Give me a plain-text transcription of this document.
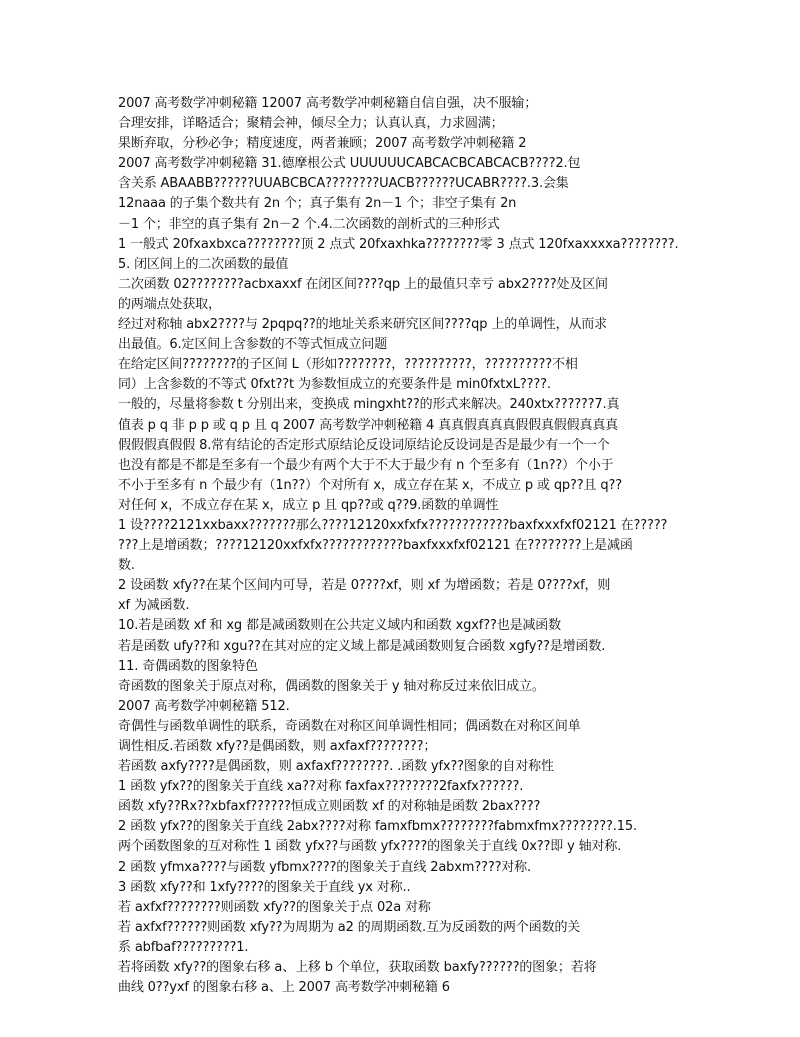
2007 高考数学冲刺秘籍 12007 高考数学冲刺秘籍自信自强，决不服输；
合理安排，详略适合；聚精会神，倾尽全力；认真认真，力求圆满；
果断弃取，分秒必争；精度速度，两者兼顾；2007 高考数学冲刺秘籍 2
2007 高考数学冲刺秘籍 31.德摩根公式 UUUUUUCABCACBCABCACB????2.包
含关系 ABAABB??????UUABCBCA????????UACB??????UCABR????.3.会集
12naaa 的子集个数共有 2n 个；真子集有 2n－1 个；非空子集有 2n
－1 个；非空的真子集有 2n－2 个.4.二次函数的剖析式的三种形式
1 一般式 20fxaxbxca????????顶 2 点式 20fxaxhka????????零 3 点式 120fxaxxxxa????????.
5. 闭区间上的二次函数的最值
二次函数 02????????acbxaxxf 在闭区间????qp 上的最值只幸亏 abx2????处及区间
的两端点处获取，
经过对称轴 abx2????与 2pqpq??的地址关系来研究区间????qp 上的单调性，从而求
出最值。6.定区间上含参数的不等式恒成立问题
在给定区间????????的子区间 L（形如????????，??????????，??????????不相
同）上含参数的不等式 0fxt??t 为参数恒成立的充要条件是 min0fxtxL????.
一般的，尽量将参数 t 分别出来，变换成 mingxht??的形式来解决。240xtx??????7.真
值表 p q 非 p p 或 q p 且 q 2007 高考数学冲刺秘籍 4 真真假真真真假假真假假真真真
假假假真假假 8.常有结论的否定形式原结论反设词原结论反设词是否是最少有一个一个
也没有都是不都是至多有一个最少有两个大于不大于最少有 n 个至多有（1n??）个小于
不小于至多有 n 个最少有（1n??）个对所有 x，成立存在某 x，不成立 p 或 qp??且 q??
对任何 x，不成立存在某 x，成立 p 且 qp??或 q??9.函数的单调性
1 设????2121xxbaxx???????那么????12120xxfxfx????????????baxfxxxfxf02121 在?????
???上是增函数；????12120xxfxfx????????????baxfxxxfxf02121 在????????上是减函
数.
2 设函数 xfy??在某个区间内可导，若是 0????xf，则 xf 为增函数；若是 0????xf，则
xf 为减函数.
10.若是函数 xf 和 xg 都是减函数则在公共定义域内和函数 xgxf??也是减函数
若是函数 ufy??和 xgu??在其对应的定义域上都是减函数则复合函数 xgfy??是增函数.
11. 奇偶函数的图象特色
奇函数的图象关于原点对称，偶函数的图象关于 y 轴对称反过来依旧成立。
2007 高考数学冲刺秘籍 512.
奇偶性与函数单调性的联系，奇函数在对称区间单调性相同；偶函数在对称区间单
调性相反.若函数 xfy??是偶函数，则 axfaxf????????；
若函数 axfy????是偶函数，则 axfaxf????????. .函数 yfx??图象的自对称性
1 函数 yfx??的图象关于直线 xa??对称 faxfax????????2faxfx??????.
函数 xfy??Rx??xbfaxf??????恒成立则函数 xf 的对称轴是函数 2bax????
2 函数 yfx??的图象关于直线 2abx????对称 famxfbmx????????fabmxfmx????????.15.
两个函数图象的互对称性 1 函数 yfx??与函数 yfx????的图象关于直线 0x??即 y 轴对称.
2 函数 yfmxa????与函数 yfbmx????的图象关于直线 2abxm????对称.
3 函数 xfy??和 1xfy????的图象关于直线 yx 对称..
若 axfxf????????则函数 xfy??的图象关于点 02a 对称
若 axfxf??????则函数 xfy??为周期为 a2 的周期函数.互为反函数的两个函数的关
系 abfbaf?????????1.
若将函数 xfy??的图象右移 a、上移 b 个单位，获取函数 baxfy??????的图象；若将
曲线 0??yxf 的图象右移 a、上 2007 高考数学冲刺秘籍 6
